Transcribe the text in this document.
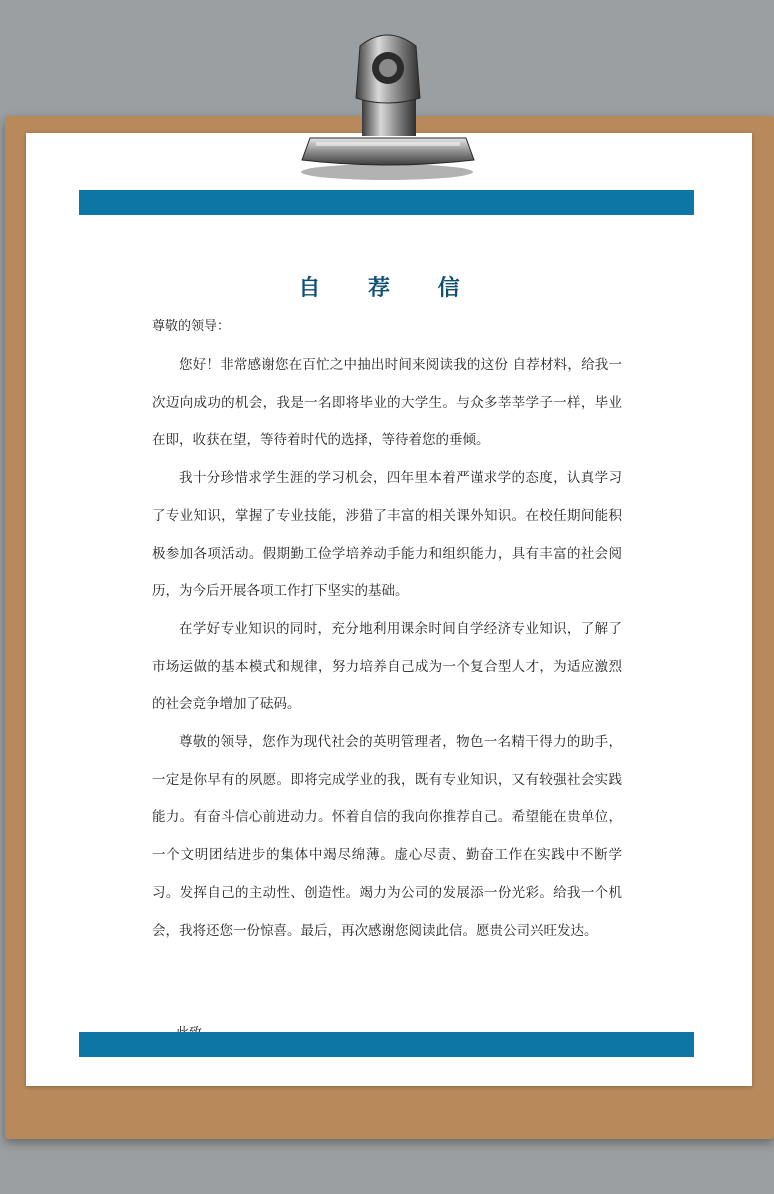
自 荐 信
尊敬的领导：

您好！非常感谢您在百忙之中抽出时间来阅读我的这份 自荐材料，给我一次迈向成功的机会，我是一名即将毕业的大学生。与众多莘莘学子一样，毕业在即，收获在望，等待着时代的选择，等待着您的垂倾。

我十分珍惜求学生涯的学习机会，四年里本着严谨求学的态度，认真学习了专业知识，掌握了专业技能，涉猎了丰富的相关课外知识。在校任期间能积极参加各项活动。假期勤工俭学培养动手能力和组织能力，具有丰富的社会阅历，为今后开展各项工作打下坚实的基础。

在学好专业知识的同时，充分地利用课余时间自学经济专业知识，了解了市场运做的基本模式和规律，努力培养自己成为一个复合型人才，为适应激烈的社会竞争增加了砝码。

尊敬的领导，您作为现代社会的英明管理者，物色一名精干得力的助手，一定是你早有的夙愿。即将完成学业的我，既有专业知识，又有较强社会实践能力。有奋斗信心前进动力。怀着自信的我向你推荐自己。希望能在贵单位，一个文明团结进步的集体中竭尽绵薄。虚心尽责、勤奋工作在实践中不断学习。发挥自己的主动性、创造性。竭力为公司的发展添一份光彩。给我一个机会，我将还您一份惊喜。最后，再次感谢您阅读此信。愿贵公司兴旺发达。
